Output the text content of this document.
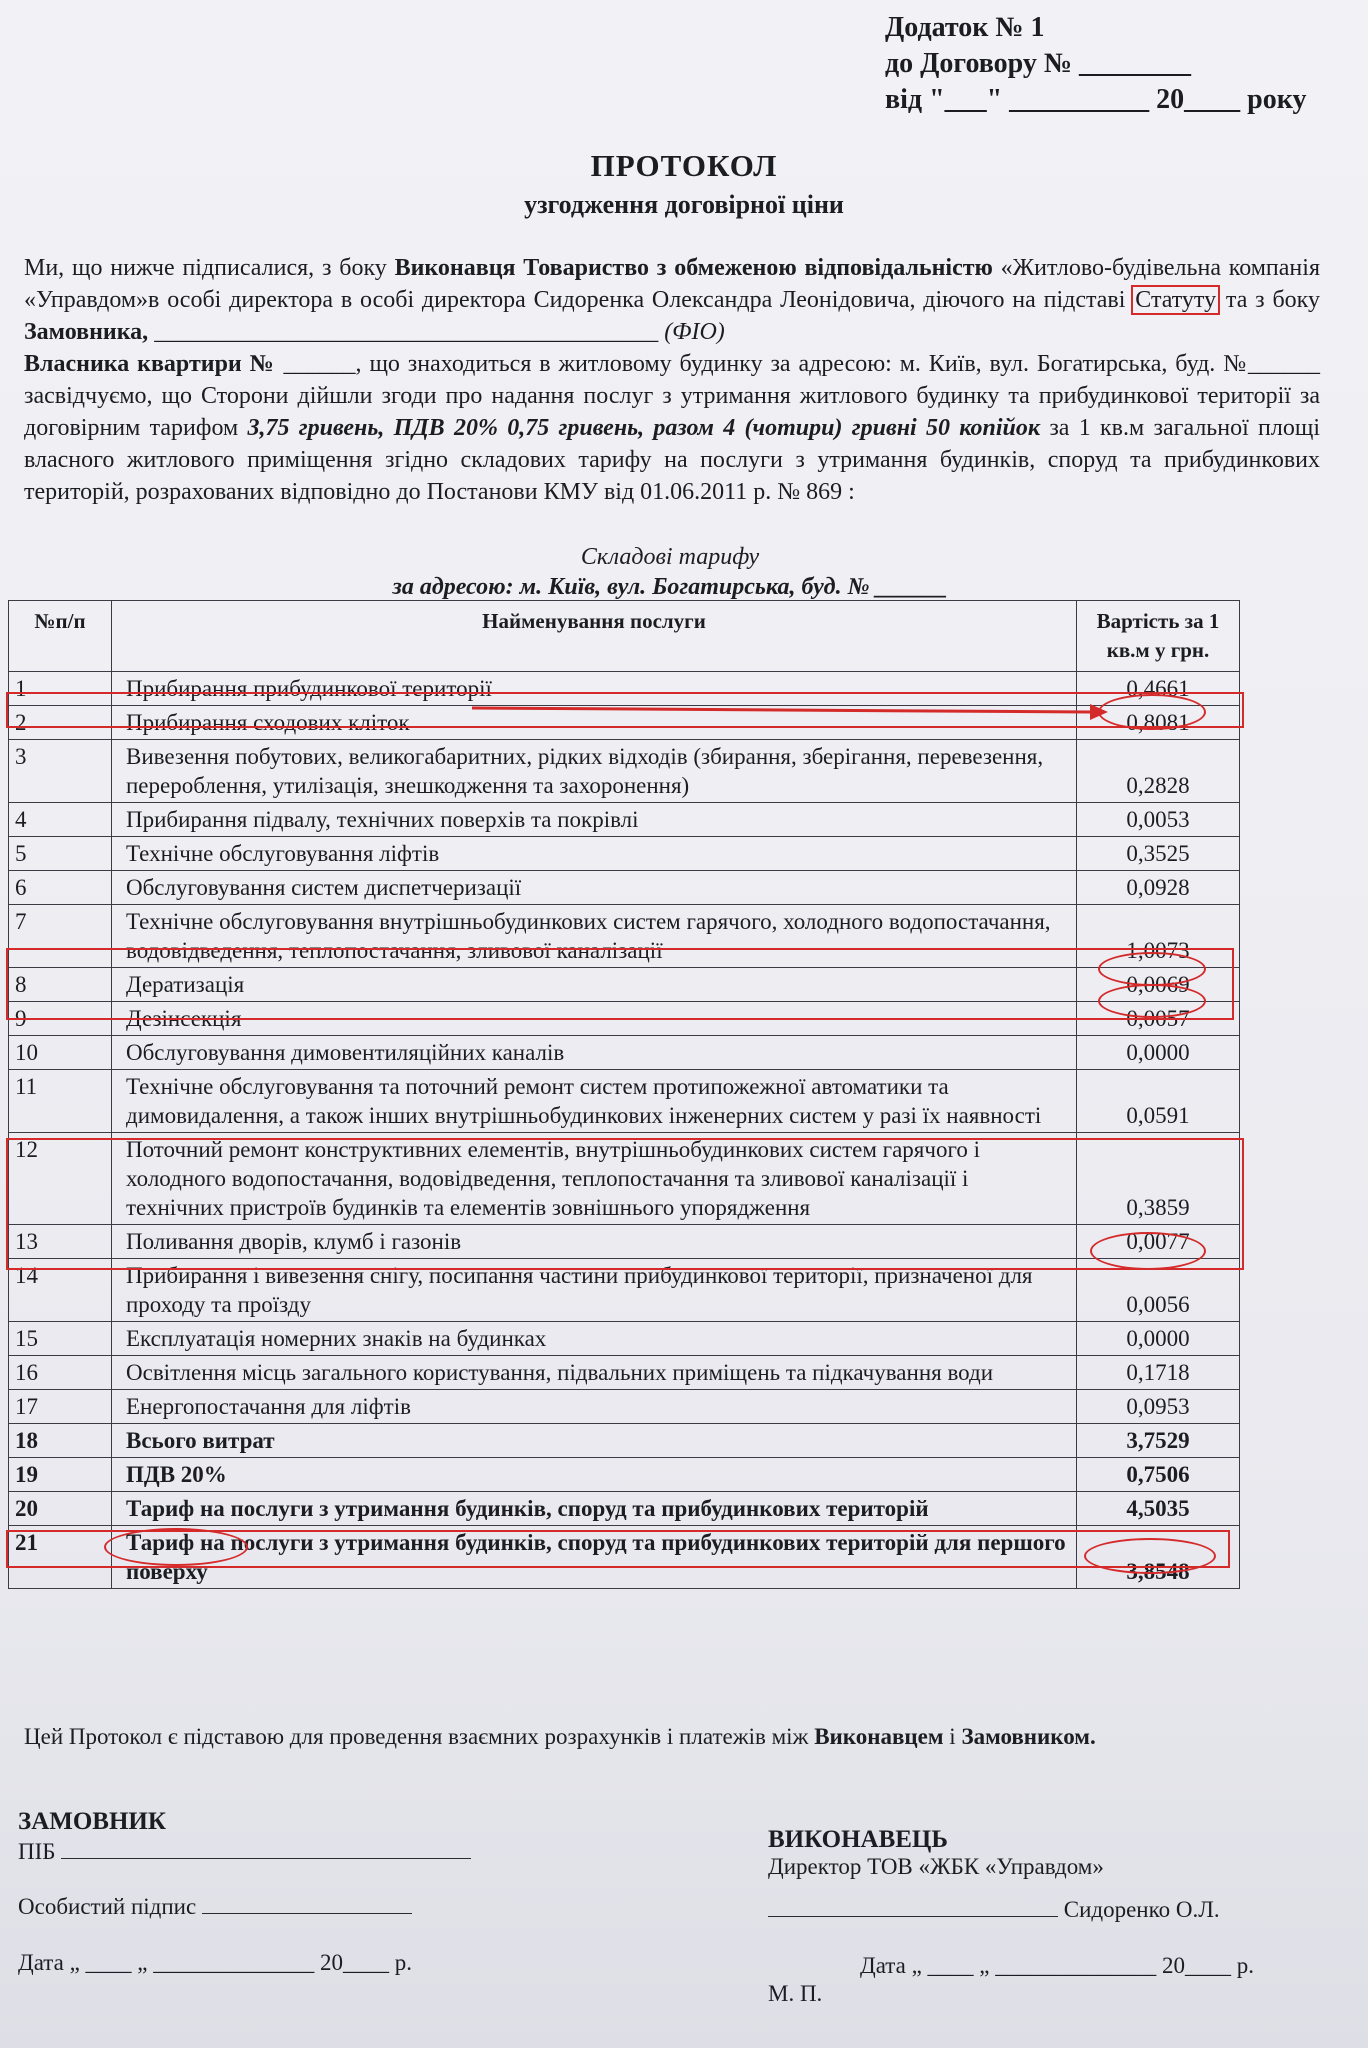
Додаток № 1
до Договору № ________
від "___" __________ 20____ року
ПРОТОКОЛ
узгодження договірної ціни
Ми, що нижче підписалися, з боку Виконавця Товариство з обмеженою відповідальністю «Житлово-будівельна компанія «Управдом»в особі директора в особі директора Сидоренка Олександра Леонідовича, діючого на підставі Статуту та з боку Замовника, __________________________________________ (ФІО)
Власника квартири № ______, що знаходиться в житловому будинку за адресою: м. Київ, вул. Богатирська, буд. №______ засвідчуємо, що Сторони дійшли згоди про надання послуг з утримання житлового будинку та прибудинкової території за договірним тарифом 3,75 гривень, ПДВ 20% 0,75 гривень, разом 4 (чотири) гривні 50 копійок за 1 кв.м загальної площі власного житлового приміщення згідно складових тарифу на послуги з утримання будинків, споруд та прибудинкових територій, розрахованих відповідно до Постанови КМУ від 01.06.2011 р. № 869 :
Складові тарифу
за адресою: м. Київ, вул. Богатирська, буд. № ______
№п/п	Найменування послуги	Вартість за 1 кв.м у грн.
1	Прибирання прибудинкової території	0,4661
2	Прибирання сходових кліток	0,8081
3	Вивезення побутових, великогабаритних, рідких відходів (збирання, зберігання, перевезення, перероблення, утилізація, знешкодження та захоронення)	0,2828
4	Прибирання підвалу, технічних поверхів та покрівлі	0,0053
5	Технічне обслуговування ліфтів	0,3525
6	Обслуговування систем диспетчеризації	0,0928
7	Технічне обслуговування внутрішньобудинкових систем гарячого, холодного водопостачання, водовідведення, теплопостачання, зливової каналізації	1,0073
8	Дератизація	0,0069
9	Дезінсекція	0,0057
10	Обслуговування димовентиляційних каналів	0,0000
11	Технічне обслуговування та поточний ремонт систем протипожежної автоматики та димовидалення, а також інших внутрішньобудинкових інженерних систем у разі їх наявності	0,0591
12	Поточний ремонт конструктивних елементів, внутрішньобудинкових систем гарячого і холодного водопостачання, водовідведення, теплопостачання та зливової каналізації і технічних пристроїв будинків та елементів зовнішнього упорядження	0,3859
13	Поливання дворів, клумб і газонів	0,0077
14	Прибирання і вивезення снігу, посипання частини прибудинкової території, призначеної для проходу та проїзду	0,0056
15	Експлуатація номерних знаків на будинках	0,0000
16	Освітлення місць загального користування, підвальних приміщень та підкачування води	0,1718
17	Енергопостачання для ліфтів	0,0953
18	Всього витрат	3,7529
19	ПДВ 20%	0,7506
20	Тариф на послуги з утримання будинків, споруд та прибудинкових територій	4,5035
21	Тариф на послуги з утримання будинків, споруд та прибудинкових територій для першого поверху	3,8548
Цей Протокол є підставою для проведення взаємних розрахунків і платежів між Виконавцем і Замовником.
ЗАМОВНИК
ПІБ
Особистий підпис
Дата „ ____ „ ______________ 20____ р.
ВИКОНАВЕЦЬ
Директор ТОВ «ЖБК «Управдом»
Сидоренко О.Л.
Дата „ ____ „ ______________ 20____ р.
М. П.
